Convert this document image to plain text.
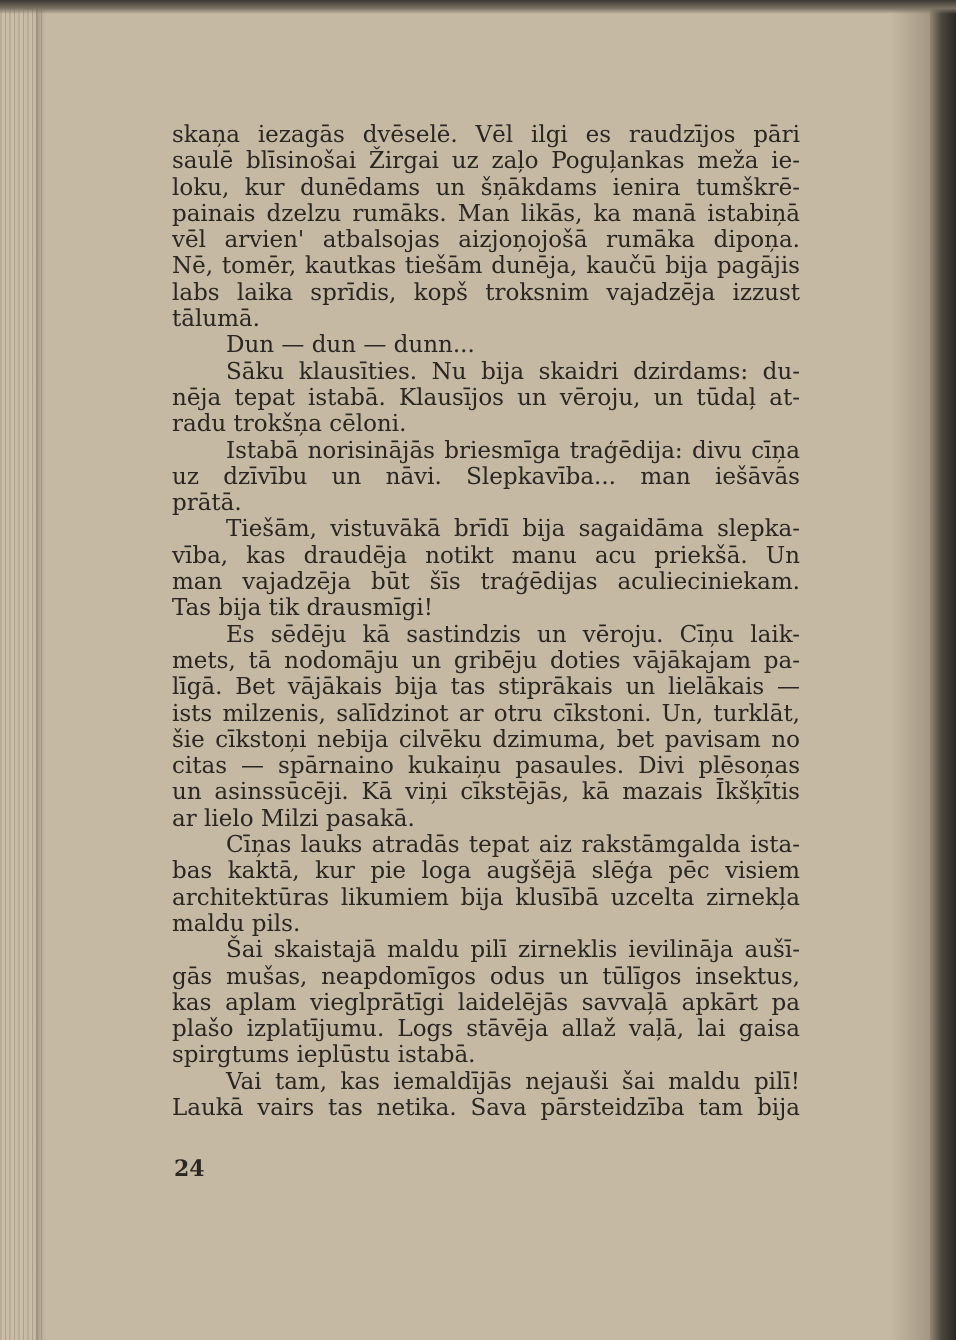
skaņa iezagās dvēselē. Vēl ilgi es raudzījos pāri
saulē blīsinošai Žirgai uz zaļo Poguļankas meža ie-
loku, kur dunēdams un šņākdams ienira tumškrē-
painais dzelzu rumāks. Man likās, ka manā istabiņā
vēl arvien' atbalsojas aizjoņojošā rumāka dipoņa.
Nē, tomēr, kautkas tiešām dunēja, kaučū bija pagājis
labs laika sprīdis, kopš troksnim vajadzēja izzust
tālumā.
Dun — dun — dunn...
Sāku klausīties. Nu bija skaidri dzirdams: du-
nēja tepat istabā. Klausījos un vēroju, un tūdaļ at-
radu trokšņa cēloni.
Istabā norisinājās briesmīga traģēdija: divu cīņa
uz dzīvību un nāvi. Slepkavība... man iešāvās
prātā.
Tiešām, vistuvākā brīdī bija sagaidāma slepka-
vība, kas draudēja notikt manu acu priekšā. Un
man vajadzēja būt šīs traģēdijas aculieciniekam.
Tas bija tik drausmīgi!
Es sēdēju kā sastindzis un vēroju. Cīņu laik-
mets, tā nodomāju un gribēju doties vājākajam pa-
līgā. Bet vājākais bija tas stiprākais un lielākais —
ists milzenis, salīdzinot ar otru cīkstoni. Un, turklāt,
šie cīkstoņi nebija cilvēku dzimuma, bet pavisam no
citas — spārnaino kukaiņu pasaules. Divi plēsoņas
un asinssūcēji. Kā viņi cīkstējās, kā mazais Īkšķītis
ar lielo Milzi pasakā.
Cīņas lauks atradās tepat aiz rakstāmgalda ista-
bas kaktā, kur pie loga augšējā slēģa pēc visiem
architektūras likumiem bija klusībā uzcelta zirnekļa
maldu pils.
Šai skaistajā maldu pilī zirneklis ievilināja aušī-
gās mušas, neapdomīgos odus un tūlīgos insektus,
kas aplam vieglprātīgi laidelējās savvaļā apkārt pa
plašo izplatījumu. Logs stāvēja allaž vaļā, lai gaisa
spirgtums ieplūstu istabā.
Vai tam, kas iemaldījās nejauši šai maldu pilī!
Laukā vairs tas netika. Sava pārsteidzība tam bija
24
